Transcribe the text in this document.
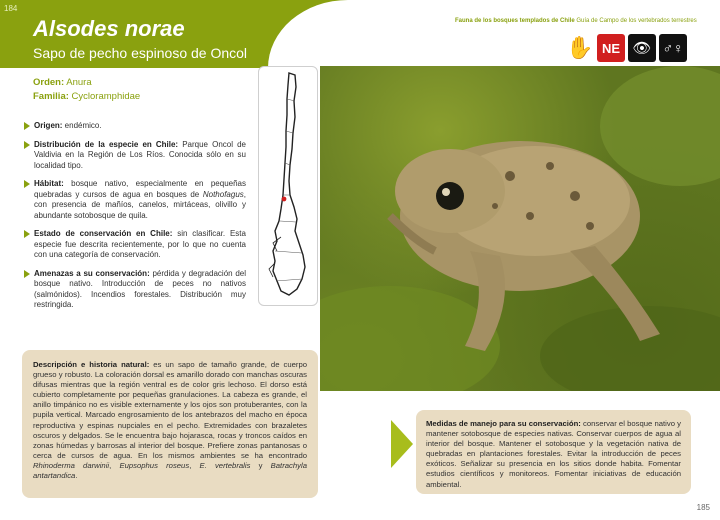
184
Alsodes norae
Sapo de pecho espinoso de Oncol
Fauna de los bosques templados de Chile Guía de Campo de los vertebrados terrestres
✋ NE 👁 ♂♀
Orden: Anura
Familia: Cycloramphidae
Origen: endémico.
Distribución de la especie en Chile: Parque Oncol de Valdivia en la Región de Los Ríos. Conocida sólo en su localidad tipo.
Hábitat: bosque nativo, especialmente en pequeñas quebradas y cursos de agua en bosques de Nothofagus, con presencia de mañíos, canelos, mirtáceas, olivillo y abundante sotobosque de quila.
Estado de conservación en Chile: sin clasificar. Esta especie fue descrita recientemente, por lo que no cuenta con una categoría de conservación.
Amenazas a su conservación: pérdida y degradación del bosque nativo. Introducción de peces no nativos (salmónidos). Incendios forestales. Distribución muy restringida.
Descripción e historia natural: es un sapo de tamaño grande, de cuerpo grueso y robusto. La coloración dorsal es amarillo dorado con manchas oscuras difusas mientras que la región ventral es de color gris lechoso. El dorso está cubierto completamente por pequeñas granulaciones. La cabeza es grande, el anillo timpánico no es visible externamente y los ojos son protuberantes, con la pupila vertical. Marcado engrosamiento de los antebrazos del macho en época reproductiva y espinas nupciales en el pecho. Extremidades con brazaletes oscuros y delgados. Se le encuentra bajo hojarasca, rocas y troncos caídos en zonas húmedas y barrosas al interior del bosque. Prefiere zonas pantanosas o cerca de cursos de agua. En los mismos ambientes se ha encontrado Rhinoderma darwinii, Eupsophus roseus, E. vertebralis y Batrachyla antartandica.
Medidas de manejo para su conservación: conservar el bosque nativo y mantener sotobosque de especies nativas. Conservar cuerpos de agua al interior del bosque. Mantener el sotobosque y la vegetación nativa de quebradas en plantaciones forestales. Evitar la introducción de peces exóticos. Señalizar su presencia en los sitios donde habita. Fomentar estudios científicos y monitoreos. Fomentar iniciativas de educación ambiental.
185
